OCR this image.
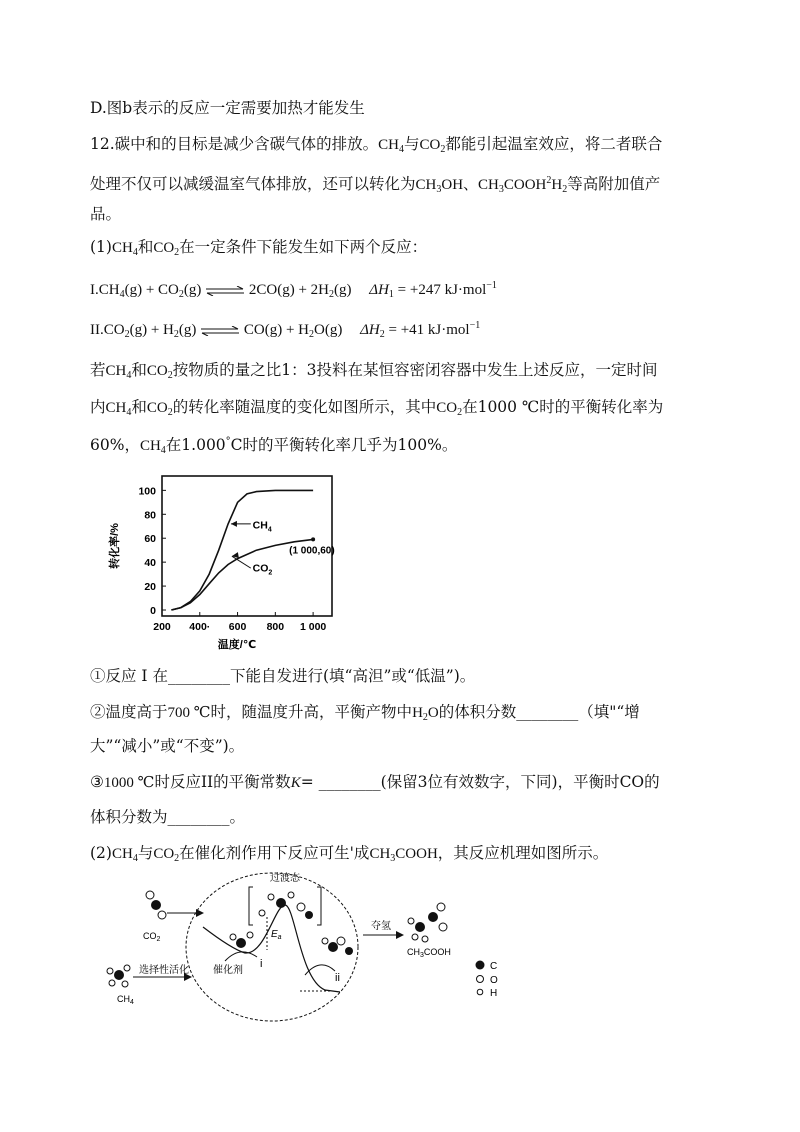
D.图b表示的反应一定需要加热才能发生
12.碳中和的目标是减少含碳气体的排放。$CH_4$与$CO_2$都能引起温室效应，将二者联合
处理不仅可以减缓温室气体排放，还可以转化为$CH_3OH$、$CH_3COOH^2H_2$等高附加值产
品。
$(1)CH_4$和$CO_2$在一定条件下能发生如下两个反应：
$I.CH_4(g) + CO_2(g)$ ⇌ $2CO(g) + 2H_2(g) \Delta H_1 = +247$ kJ·mol$^{-1}$
$II.CO_2(g) + H_2(g)$ ⇌ $CO(g) + H_2O(g) \Delta H_2 = +41$ kJ·mol$^{-1}$
若$CH_4$和$CO_2$按物质的量之比1：3投料在某恒容密闭容器中发生上述反应，一定时间
内$CH_4$和$CO_2$的转化率随温度的变化如图所示，其中$CO_2$在1000 ℃时的平衡转化率为
60%，$CH_4$在1.000°C时的平衡转化率几乎为100%。
200 400· 600 800 1 000
0
20
40
60
80
100
温度/℃
转化率/%	(1 000,60)
$CH_4$
$CO_2$
①反应 I 在________下能自发进行(填“高泹”或“低温”)。
②温度高于700 ℃时，随温度升高，平衡产物中$H_2O$的体积分数________（填"“增
大”“减小”或“不变”)。
③1000 ℃时反应II的平衡常数K= ________(保留3位有效数字，下同)，平衡时CO的
体积分数为________。
$(2)CH_4$与$CO_2$在催化剂作用下反应可生'成$CH_3COOH$，其反应机理如图所示。
$CO_2$
$CH_4$
选择性活化
$E_a$
过渡态
催化剂
i
ii
夺氢
$CH_3COOH$
C
O
H
